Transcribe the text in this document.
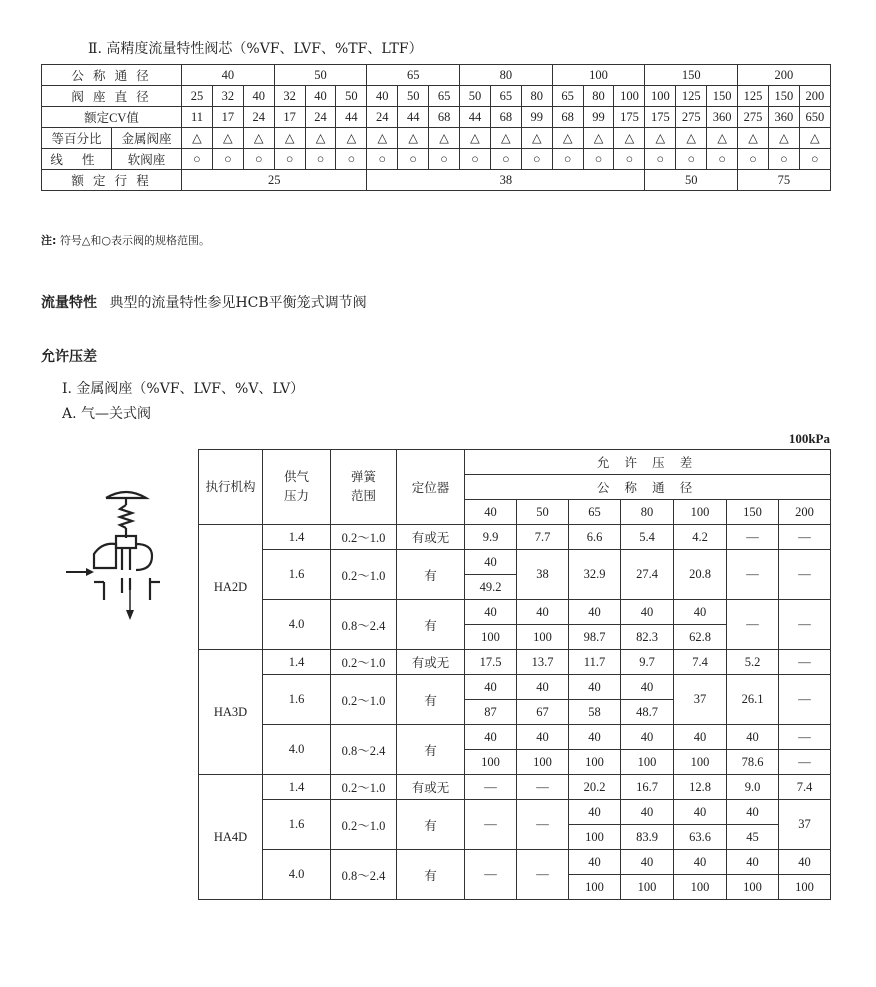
Ⅱ. 高精度流量特性阀芯（%VF、LVF、%TF、LTF）
公 称 通 径		40			50			65			80			100			150			200		
阀 座 直 径		25	32	40	32	40	50	40	50	65	50	65	80	65	80	100	100	125	150	125	150	200
额定CV值		11	17	24	17	24	44	24	44	68	44	68	99	68	99	175	175	275	360	275	360	650
等百分比	金属阀座	△	△	△	△	△	△	△	△	△	△	△	△	△	△	△	△	△	△	△	△	△
线 性	软阀座	○	○	○	○	○	○	○	○	○	○	○	○	○	○	○	○	○	○	○	○	○
额 定 行 程		25						38									50			75		
注: 符号△和○表示阀的规格范围。
流量特性 典型的流量特性参见HCB平衡笼式调节阀
允许压差
Ⅰ. 金属阀座（%VF、LVF、%V、LV）
A. 气—关式阀
100kPa
执行机构	供气压力	弹簧范围	定位器	允 许 压 差						
				公 称 通 径						
				40	50	65	80	100	150	200
HA2D	1.4	0.2～1.0	有或无	9.9	7.7	6.6	5.4	4.2	—	—
	1.6	0.2～1.0	有	40	38	32.9	27.4	20.8	—	—
				49.2						
	4.0	0.8～2.4	有	40	40	40	40	40	—	—
				100	100	98.7	82.3	62.8		
HA3D	1.4	0.2～1.0	有或无	17.5	13.7	11.7	9.7	7.4	5.2	—
	1.6	0.2～1.0	有	40	40	40	40	37	26.1	—
				87	67	58	48.7			
	4.0	0.8～2.4	有	40	40	40	40	40	40	—
				100	100	100	100	100	78.6	—
HA4D	1.4	0.2～1.0	有或无	—	—	20.2	16.7	12.8	9.0	7.4
	1.6	0.2～1.0	有	—	—	40	40	40	40	37
						100	83.9	63.6	45	
	4.0	0.8～2.4	有	—	—	40	40	40	40	40
						100	100	100	100	100
